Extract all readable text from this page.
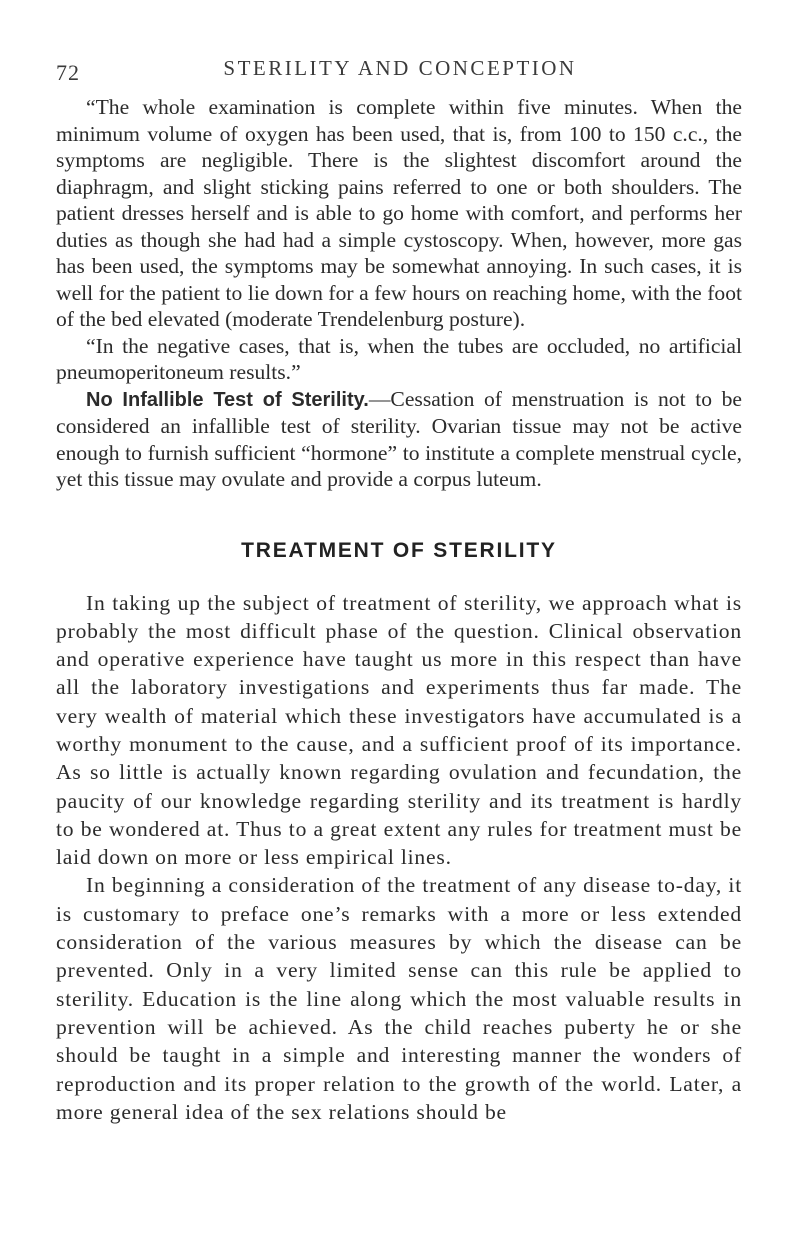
72	STERILITY AND CONCEPTION

“The whole examination is complete within five minutes. When the minimum volume of oxygen has been used, that is, from 100 to 150 c.c., the symptoms are negligible. There is the slightest discomfort around the diaphragm, and slight sticking pains referred to one or both shoulders. The patient dresses herself and is able to go home with comfort, and performs her duties as though she had had a simple cystoscopy. When, however, more gas has been used, the symptoms may be somewhat annoying. In such cases, it is well for the patient to lie down for a few hours on reaching home, with the foot of the bed elevated (moderate Trendelenburg posture).

“In the negative cases, that is, when the tubes are occluded, no artificial pneumoperitoneum results.”

No Infallible Test of Sterility.—Cessation of menstruation is not to be considered an infallible test of sterility. Ovarian tissue may not be active enough to furnish sufficient “hormone” to institute a complete menstrual cycle, yet this tissue may ovulate and provide a corpus luteum.

TREATMENT OF STERILITY

In taking up the subject of treatment of sterility, we approach what is probably the most difficult phase of the question. Clinical observation and operative experience have taught us more in this respect than have all the laboratory investigations and experiments thus far made. The very wealth of material which these investigators have accumulated is a worthy monument to the cause, and a sufficient proof of its importance. As so little is actually known regarding ovulation and fecundation, the paucity of our knowledge regarding sterility and its treatment is hardly to be wondered at. Thus to a great extent any rules for treatment must be laid down on more or less empirical lines.

In beginning a consideration of the treatment of any disease to-day, it is customary to preface one’s remarks with a more or less extended consideration of the various measures by which the disease can be prevented. Only in a very limited sense can this rule be applied to sterility. Education is the line along which the most valuable results in prevention will be achieved. As the child reaches puberty he or she should be taught in a simple and interesting manner the wonders of reproduction and its proper relation to the growth of the world. Later, a more general idea of the sex relations should be
